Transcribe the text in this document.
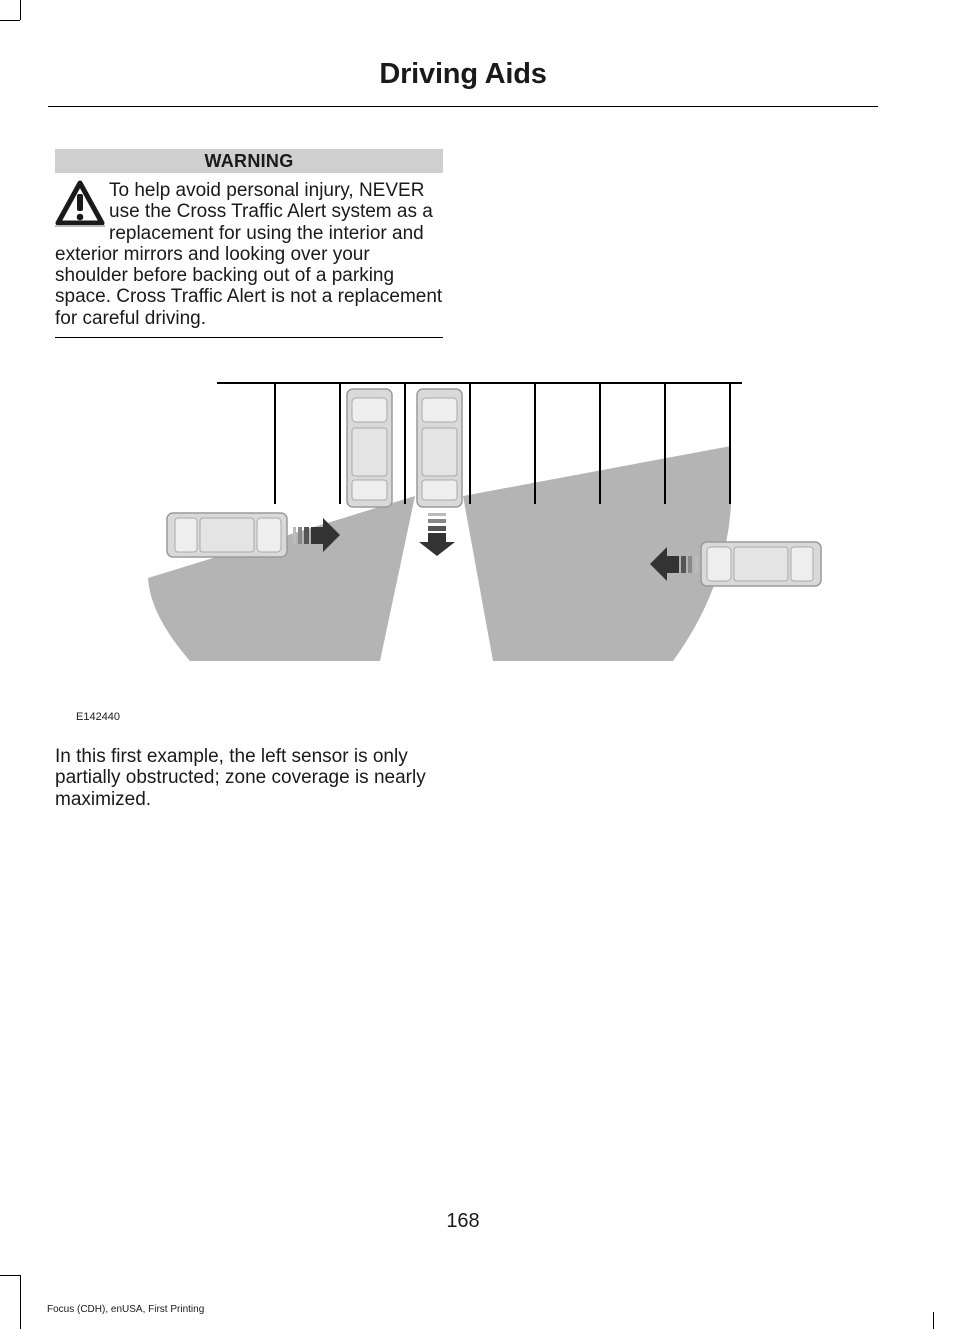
Driving Aids
WARNING

To help avoid personal injury, NEVER use the Cross Traffic Alert system as a replacement for using the interior and exterior mirrors and looking over your shoulder before backing out of a parking space. Cross Traffic Alert is not a replacement for careful driving.

E142440

In this first example, the left sensor is only partially obstructed; zone coverage is nearly maximized.

168
Focus (CDH), enUSA, First Printing
